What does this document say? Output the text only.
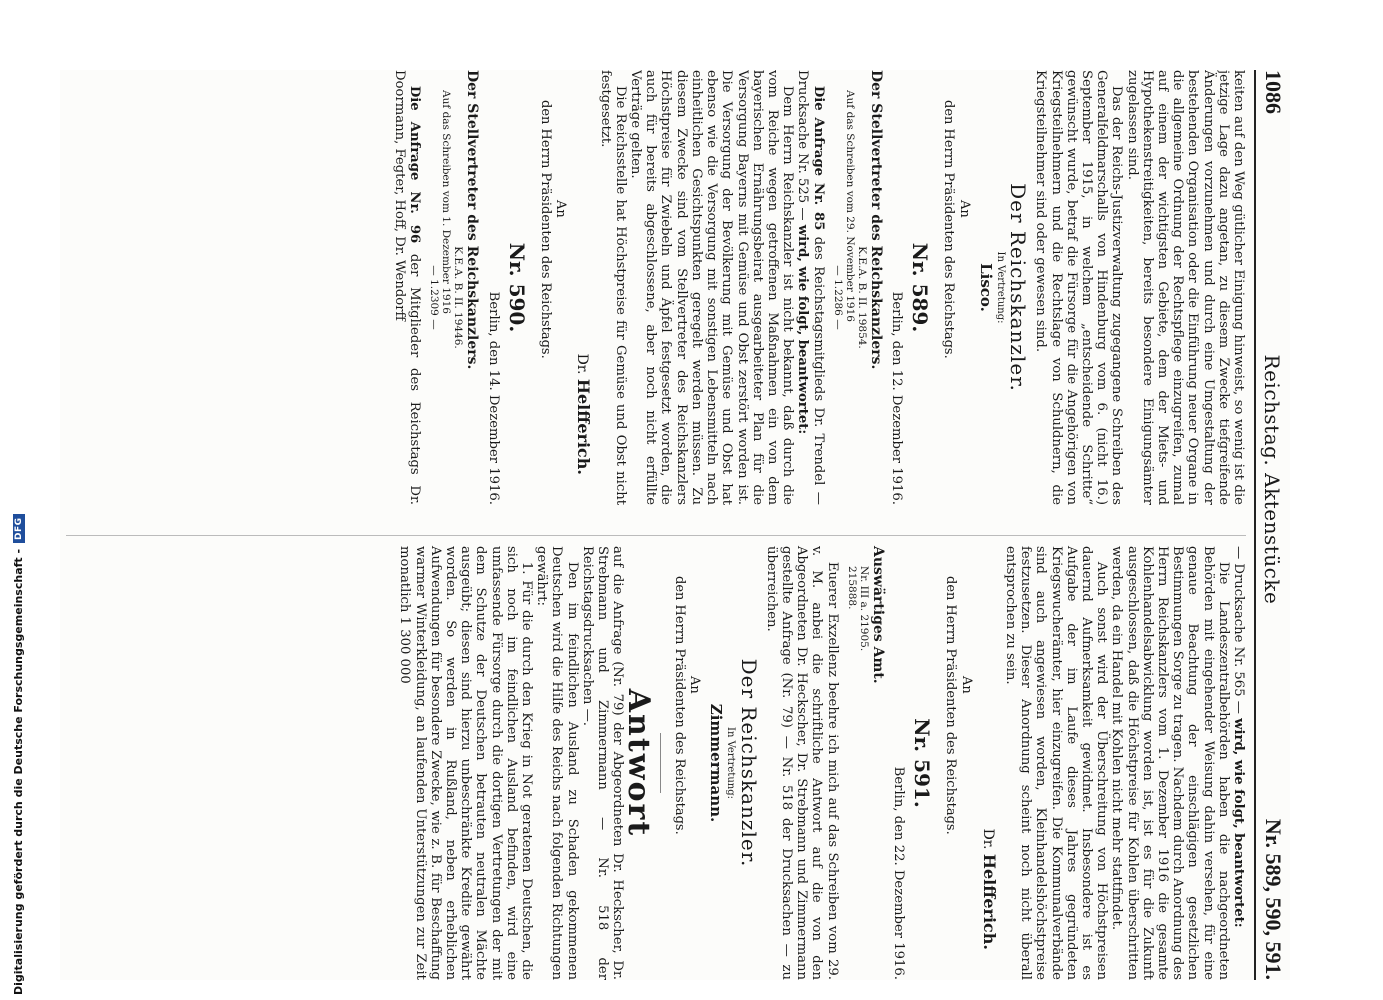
1086
Reichstag. Aktenstücke
Nr. 589, 590, 591.

keiten auf den Weg gütlicher Einigung hinweist, so wenig ist die jetzige Lage dazu angetan, zu diesem Zwecke tiefgreifende Änderungen vorzunehmen und durch eine Umgestaltung der bestehenden Organisation oder die Einführung neuer Organe in die allgemeine Ordnung der Rechtspflege einzugreifen, zumal auf einem der wichtigsten Gebiete, dem der Miets- und Hypothekenstreitigkeiten, bereits besondere Einigungsämter zugelassen sind.

Das der Reichs-Justizverwaltung zugegangene Schreiben des Generalfeldmarschalls von Hindenburg vom 6. (nicht 16.) September 1915, in welchem „entscheidende Schritte“ gewünscht wurde, betraf die Fürsorge für die Angehörigen von Kriegsteilnehmern und die Rechtslage von Schuldnern, die Kriegsteilnehmer sind oder gewesen sind.

Der Reichskanzler.
In Vertretung:
Lisco.
An
den Herrn Präsidenten des Reichstags.
Nr. 589.
Berlin, den 12. Dezember 1916.
Der Stellvertreter des Reichskanzlers.
K.E.A. B. II. 19854.
Auf das Schreiben vom 29. November 1916

— 1.2286 —

Die Anfrage Nr. 85 des Reichstagsmitglieds Dr. Trendel — Drucksache Nr. 525 — wird, wie folgt, beantwortet:

Dem Herrn Reichskanzler ist nicht bekannt, daß durch die vom Reiche wegen getroffenen Maßnahmen ein von dem bayerischen Ernährungsbeirat ausgearbeiteter Plan für die Versorgung Bayerns mit Gemüse und Obst zerstört worden ist. Die Versorgung der Bevölkerung mit Gemüse und Obst hat ebenso wie die Versorgung mit sonstigen Lebensmitteln nach einheitlichen Gesichtspunkten geregelt werden müssen. Zu diesem Zwecke sind vom Stellvertreter des Reichskanzlers Höchstpreise für Zwiebeln und Äpfel festgesetzt worden, die auch für bereits abgeschlossene, aber noch nicht erfüllte Verträge gelten.

Die Reichsstelle hat Höchstpreise für Gemüse und Obst nicht festgesetzt.

Dr. Helfferich.
An
den Herrn Präsidenten des Reichstags.
Nr. 590.
Berlin, den 14. Dezember 1916.
Der Stellvertreter des Reichskanzlers.
K.E.A. B. II. 19446.
Auf das Schreiben vom 1. Dezember 1916

— 1.2309 —

Die Anfrage Nr. 96 der Mitglieder des Reichstags Dr. Doormann, Fegter, Hoff, Dr. Wendorff

— Drucksache Nr. 565 — wird, wie folgt, beantwortet:

Die Landeszentralbehörden haben die nachgeordneten Behörden mit eingehender Weisung dahin versehen, für eine genaue Beachtung der einschlägigen gesetzlichen Bestimmungen Sorge zu tragen. Nachdem durch Anordnung des Herrn Reichskanzlers vom 1. Dezember 1916 die gesamte Kohlenhandelsabwicklung worden ist, ist es für die Zukunft ausgeschlossen, daß die Höchstpreise für Kohlen überschritten werden, da ein Handel mit Kohlen nicht mehr stattfindet.

Auch sonst wird der Überschreitung von Höchstpreisen dauernd Aufmerksamkeit gewidmet. Insbesondere ist es Aufgabe der im Laufe dieses Jahres gegründeten Kriegswucherämter, hier einzugreifen. Die Kommunalverbände sind auch angewiesen worden, Kleinhandelshöchstpreise festzusetzen. Dieser Anordnung scheint noch nicht überall entsprochen zu sein.

Dr. Helfferich.
An
den Herrn Präsidenten des Reichstags.
Nr. 591.
Berlin, den 22. Dezember 1916.
Auswärtiges Amt.
Nr. III a. 21905.
215888.

Euerer Exzellenz beehre ich mich auf das Schreiben vom 29. v. M. anbei die schriftliche Antwort auf die von den Abgeordneten Dr. Heckscher, Dr. Strebmann und Zimmermann gestellte Anfrage (Nr. 79) — Nr. 518 der Drucksachen — zu überreichen.

Der Reichskanzler.
In Vertretung:
Zimmermann.
An
den Herrn Präsidenten des Reichstags.
Antwort

auf die Anfrage (Nr. 79) der Abgeordneten Dr. Heckscher, Dr. Strebmann und Zimmermann — Nr. 518 der Reichstagsdrucksachen —.

Den im feindlichen Ausland zu Schaden gekommenen Deutschen wird die Hilfe des Reichs nach folgenden Richtungen gewährt:

1. Für die durch den Krieg in Not geratenen Deutschen, die sich noch im feindlichen Ausland befinden, wird eine umfassende Fürsorge durch die dortigen Vertretungen der mit dem Schutze der Deutschen betrauten neutralen Mächte ausgeübt; diesen sind hierzu unbeschränkte Kredite gewährt worden. So werden in Rußland, neben erheblichen Aufwendungen für besondere Zwecke, wie z. B. für Beschaffung warmer Winterkleidung, an laufenden Unterstützungen zur Zeit monatlich 1 300 000

Digitalisierung gefördert durch die Deutsche Forschungsgemeinschaft -
DFG
